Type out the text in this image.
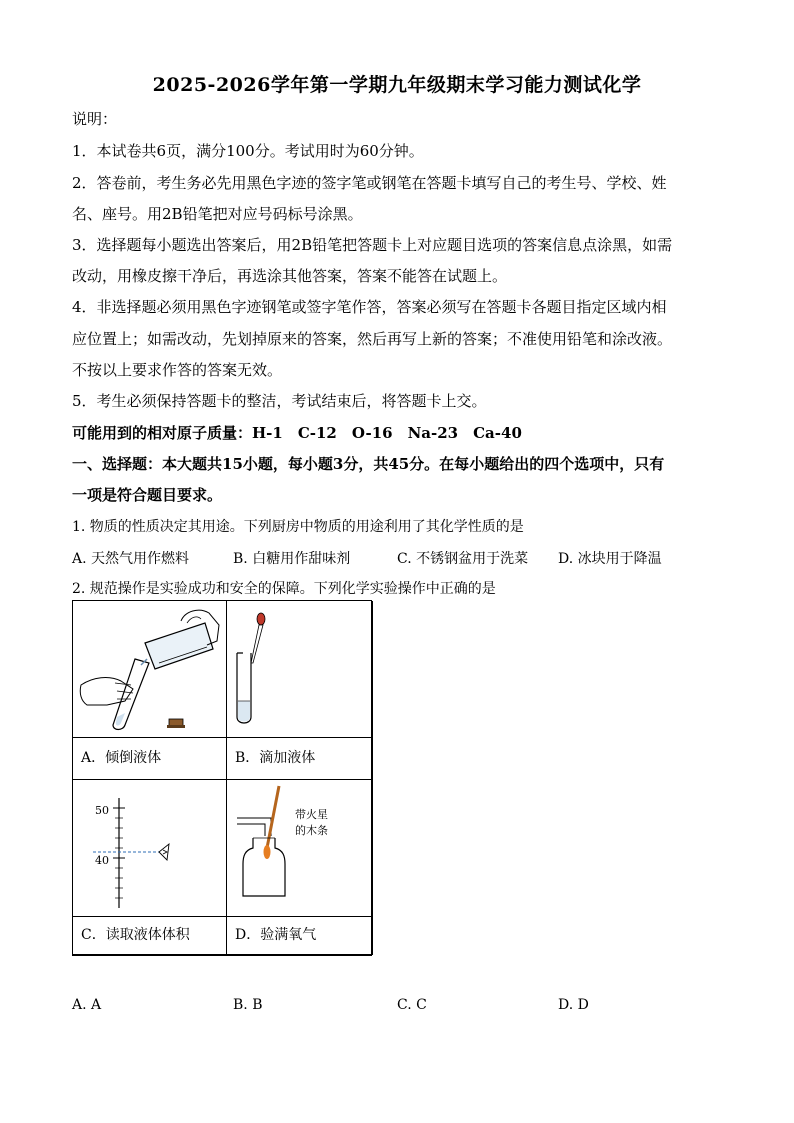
2025-2026学年第一学期九年级期末学习能力测试化学
说明：
1．本试卷共6页，满分100分。考试用时为60分钟。
2．答卷前，考生务必先用黑色字迹的签字笔或钢笔在答题卡填写自己的考生号、学校、姓
名、座号。用2B铅笔把对应号码标号涂黑。
3．选择题每小题选出答案后，用2B铅笔把答题卡上对应题目选项的答案信息点涂黑，如需
改动，用橡皮擦干净后，再选涂其他答案，答案不能答在试题上。
4．非选择题必须用黑色字迹钢笔或签字笔作答，答案必须写在答题卡各题目指定区域内相
应位置上；如需改动，先划掉原来的答案，然后再写上新的答案；不准使用铅笔和涂改液。
不按以上要求作答的答案无效。
5．考生必须保持答题卡的整洁，考试结束后，将答题卡上交。
可能用到的相对原子质量：H-1　C-12　O-16　Na-23　Ca-40
一、选择题：本大题共15小题，每小题3分，共45分。在每小题给出的四个选项中，只有
一项是符合题目要求。
1. 物质的性质决定其用途。下列厨房中物质的用途利用了其化学性质的是
A. 天然气用作燃料	B. 白糖用作甜味剂	C. 不锈钢盆用于洗菜 D. 冰块用于降温
2. 规范操作是实验成功和安全的保障。下列化学实验操作中正确的是
A．倾倒液体	B．滴加液体
50
40
带火星
的木条
C．读取液体体积	D．验满氧气
A. A	B. B	C. C	D. D
